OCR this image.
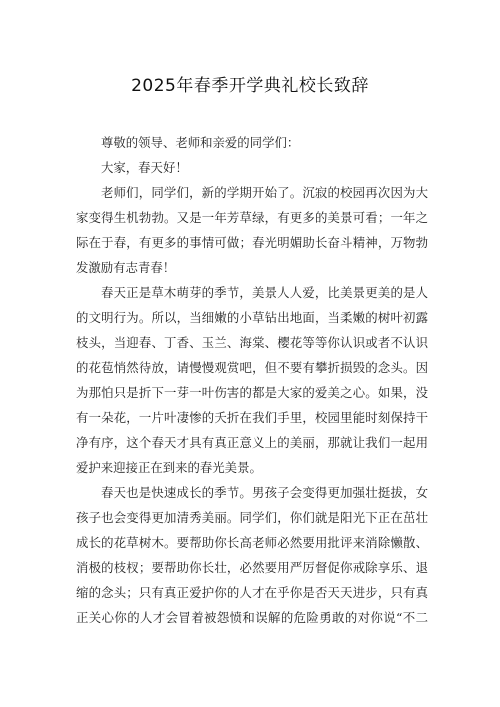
2025年春季开学典礼校长致辞
尊敬的领导、老师和亲爱的同学们：
大家，春天好！
老师们，同学们，新的学期开始了。沉寂的校园再次因为大
家变得生机勃勃。又是一年芳草绿，有更多的美景可看；一年之
际在于春，有更多的事情可做；春光明媚助长奋斗精神，万物勃
发激励有志青春！
春天正是草木萌芽的季节，美景人人爱，比美景更美的是人
的文明行为。所以，当细嫩的小草钻出地面，当柔嫩的树叶初露
枝头，当迎春、丁香、玉兰、海棠、樱花等等你认识或者不认识
的花苞悄然待放，请慢慢观赏吧，但不要有攀折损毁的念头。因
为那怕只是折下一芽一叶伤害的都是大家的爱美之心。如果，没
有一朵花，一片叶凄惨的夭折在我们手里，校园里能时刻保持干
净有序，这个春天才具有真正意义上的美丽，那就让我们一起用
爱护来迎接正在到来的春光美景。
春天也是快速成长的季节。男孩子会变得更加强壮挺拔，女
孩子也会变得更加清秀美丽。同学们，你们就是阳光下正在茁壮
成长的花草树木。要帮助你长高老师必然要用批评来消除懒散、
消极的枝杈；要帮助你长壮，必然要用严厉督促你戒除享乐、退
缩的念头；只有真正爱护你的人才在乎你是否天天进步，只有真
正关心你的人才会冒着被怨愤和误解的危险勇敢的对你说“不二
